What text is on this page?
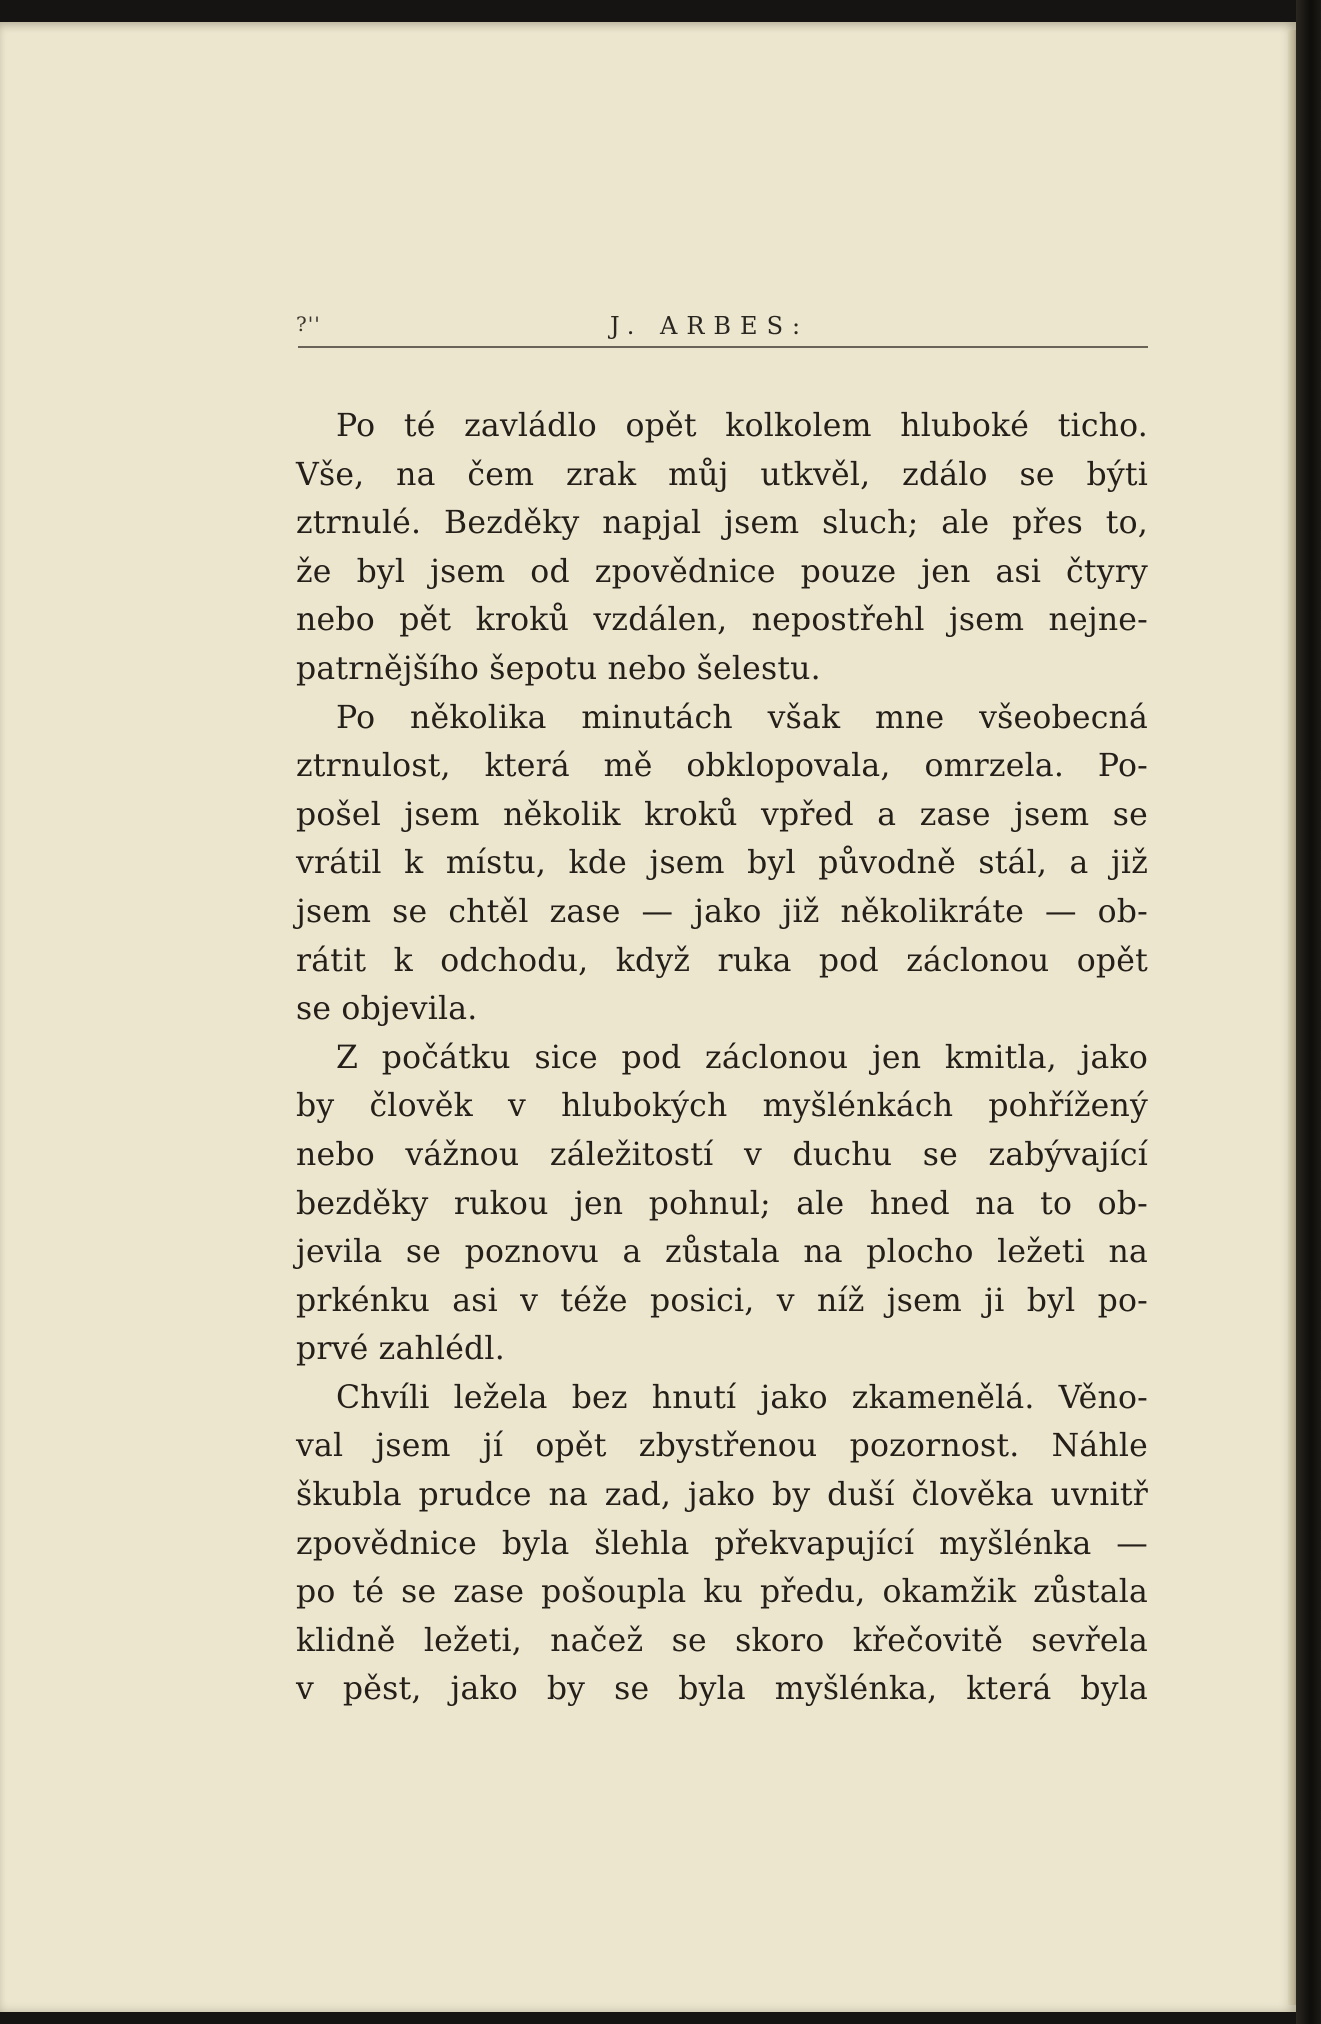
?''	J. ARBES:
Po té zavládlo opět kolkolem hluboké ticho.
Vše, na čem zrak můj utkvěl, zdálo se býti
ztrnulé. Bezděky napjal jsem sluch; ale přes to,
že byl jsem od zpovědnice pouze jen asi čtyry
nebo pět kroků vzdálen, nepostřehl jsem nejne-
patrnějšího šepotu nebo šelestu.
Po několika minutách však mne všeobecná
ztrnulost, která mě obklopovala, omrzela. Po-
pošel jsem několik kroků vpřed a zase jsem se
vrátil k místu, kde jsem byl původně stál, a již
jsem se chtěl zase — jako již několikráte — ob-
rátit k odchodu, když ruka pod záclonou opět
se objevila.
Z počátku sice pod záclonou jen kmitla, jako
by člověk v hlubokých myšlénkách pohřížený
nebo vážnou záležitostí v duchu se zabývající
bezděky rukou jen pohnul; ale hned na to ob-
jevila se poznovu a zůstala na plocho ležeti na
prkénku asi v téže posici, v níž jsem ji byl po-
prvé zahlédl.
Chvíli ležela bez hnutí jako zkamenělá. Věno-
val jsem jí opět zbystřenou pozornost. Náhle
škubla prudce na zad, jako by duší člověka uvnitř
zpovědnice byla šlehla překvapující myšlénka —
po té se zase pošoupla ku předu, okamžik zůstala
klidně ležeti, načež se skoro křečovitě sevřela
v pěst, jako by se byla myšlénka, která byla
